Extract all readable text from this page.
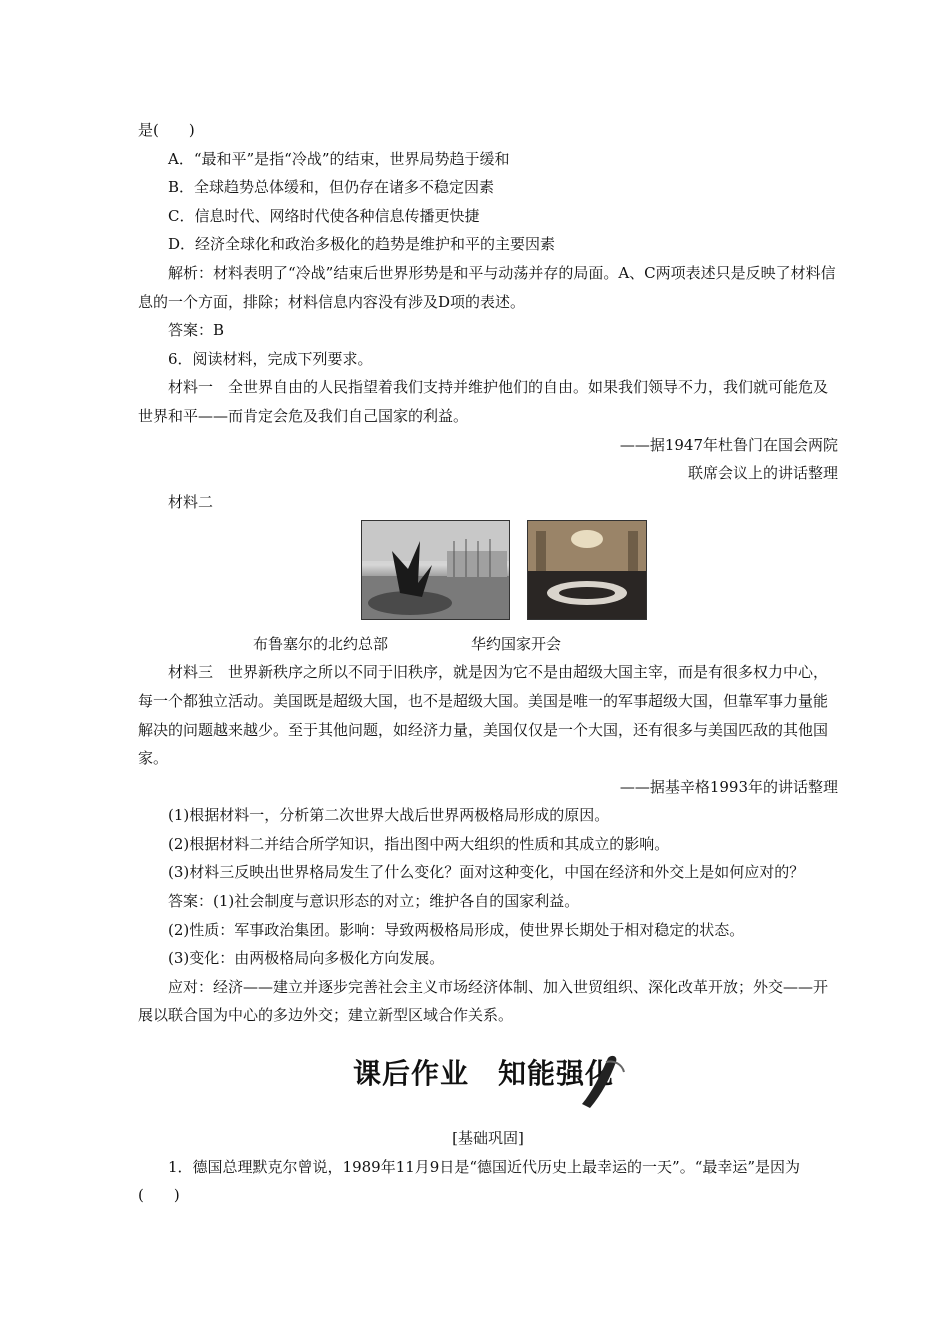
是(　　)

A．“最和平”是指“冷战”的结束，世界局势趋于缓和

B．全球趋势总体缓和，但仍存在诸多不稳定因素

C．信息时代、网络时代使各种信息传播更快捷

D．经济全球化和政治多极化的趋势是维护和平的主要因素

解析：材料表明了“冷战”结束后世界形势是和平与动荡并存的局面。A、C两项表述只是反映了材料信息的一个方面，排除；材料信息内容没有涉及D项的表述。

答案：B

6．阅读材料，完成下列要求。

材料一　全世界自由的人民指望着我们支持并维护他们的自由。如果我们领导不力，我们就可能危及世界和平——而肯定会危及我们自己国家的利益。

——据1947年杜鲁门在国会两院

联席会议上的讲话整理

材料二

布鲁塞尔的北约总部	华约国家开会

材料三　世界新秩序之所以不同于旧秩序，就是因为它不是由超级大国主宰，而是有很多权力中心，每一个都独立活动。美国既是超级大国，也不是超级大国。美国是唯一的军事超级大国，但靠军事力量能解决的问题越来越少。至于其他问题，如经济力量，美国仅仅是一个大国，还有很多与美国匹敌的其他国家。

——据基辛格1993年的讲话整理

(1)根据材料一，分析第二次世界大战后世界两极格局形成的原因。

(2)根据材料二并结合所学知识，指出图中两大组织的性质和其成立的影响。

(3)材料三反映出世界格局发生了什么变化？面对这种变化，中国在经济和外交上是如何应对的？

答案：(1)社会制度与意识形态的对立；维护各自的国家利益。

(2)性质：军事政治集团。影响：导致两极格局形成，使世界长期处于相对稳定的状态。

(3)变化：由两极格局向多极化方向发展。

应对：经济——建立并逐步完善社会主义市场经济体制、加入世贸组织、深化改革开放；外交——开展以联合国为中心的多边外交；建立新型区域合作关系。

课后作业　知能强化

[基础巩固]

1．德国总理默克尔曾说，1989年11月9日是“德国近代历史上最幸运的一天”。“最幸运”是因为(　　)
